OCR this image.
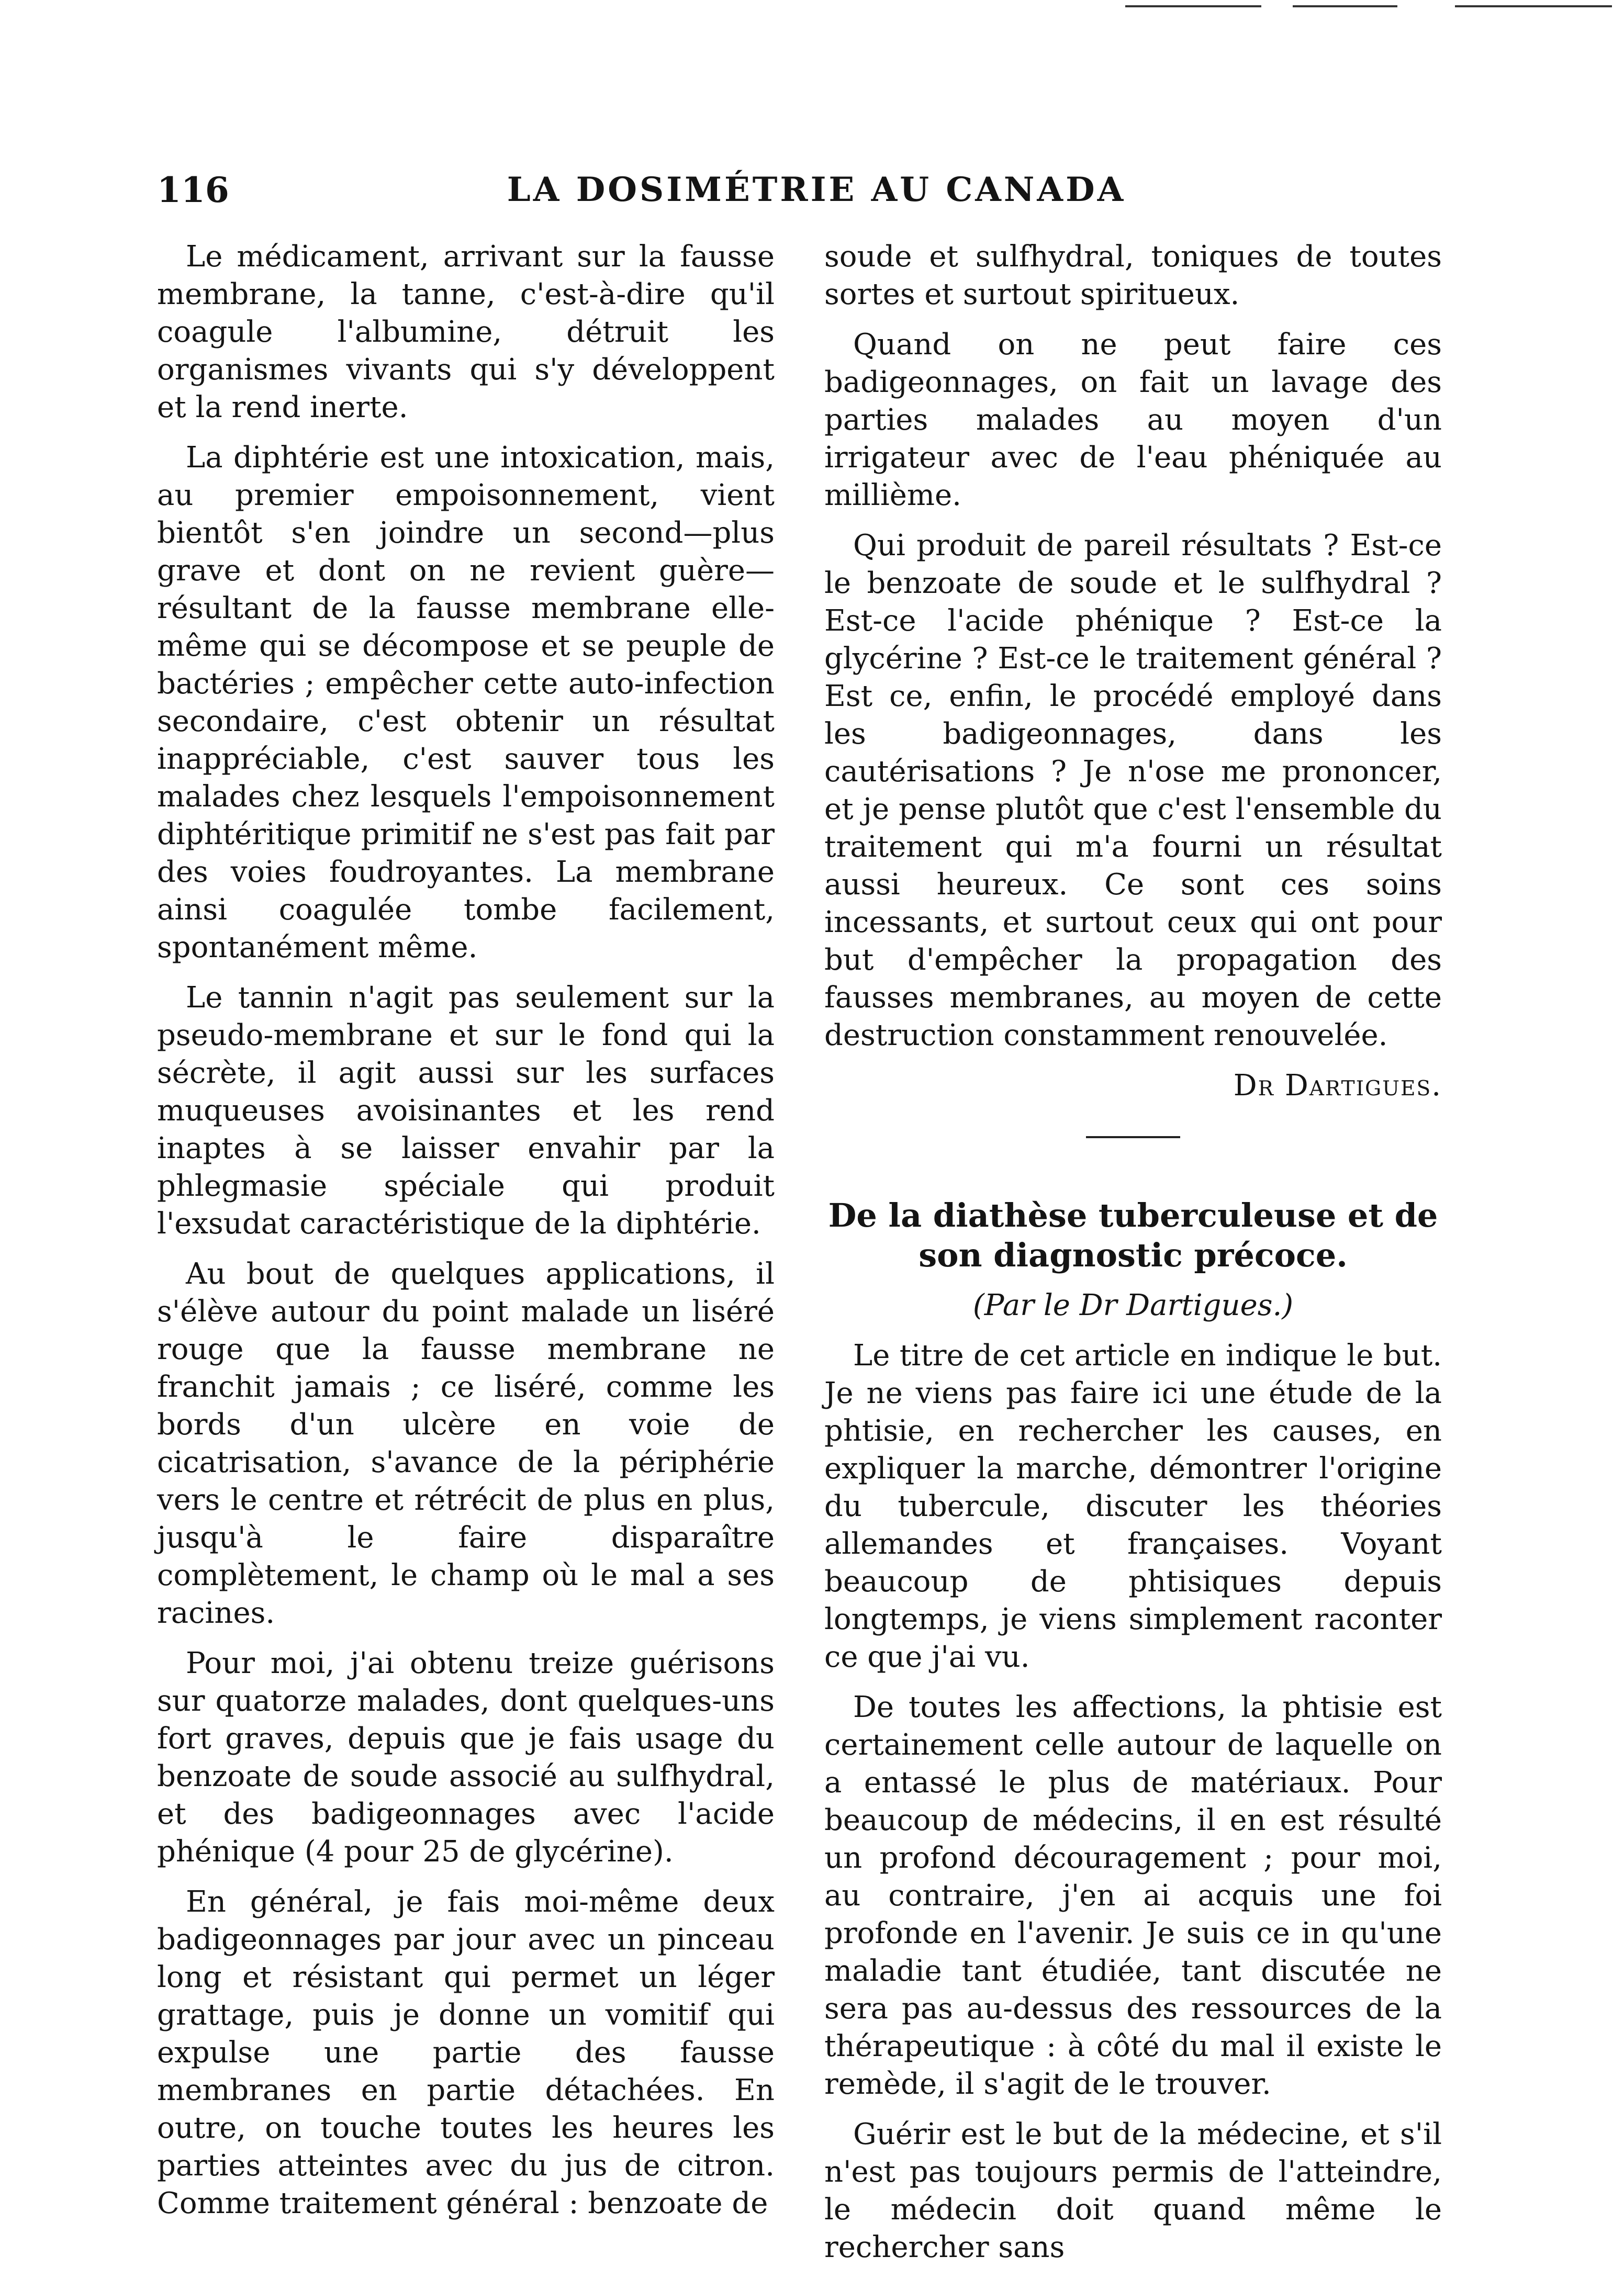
116	LA DOSIMÉTRIE AU CANADA

Le médicament, arrivant sur la fausse membrane, la tanne, c'est-à-dire qu'il coagule l'albumine, détruit les organismes vivants qui s'y développent et la rend inerte.

La diphtérie est une intoxication, mais, au premier empoisonnement, vient bientôt s'en joindre un second—plus grave et dont on ne revient guère—résultant de la fausse membrane elle-même qui se décompose et se peuple de bactéries ; empêcher cette auto-infection secondaire, c'est obtenir un résultat inappréciable, c'est sauver tous les malades chez lesquels l'empoisonnement diphtéritique primitif ne s'est pas fait par des voies foudroyantes. La membrane ainsi coagulée tombe facilement, spontanément même.

Le tannin n'agit pas seulement sur la pseudo-membrane et sur le fond qui la sécrète, il agit aussi sur les surfaces muqueuses avoisinantes et les rend inaptes à se laisser envahir par la phlegmasie spéciale qui produit l'exsudat caractéristique de la diphtérie.

Au bout de quelques applications, il s'élève autour du point malade un liséré rouge que la fausse membrane ne franchit jamais ; ce liséré, comme les bords d'un ulcère en voie de cicatrisation, s'avance de la périphérie vers le centre et rétrécit de plus en plus, jusqu'à le faire disparaître complètement, le champ où le mal a ses racines.

Pour moi, j'ai obtenu treize guérisons sur quatorze malades, dont quelques-uns fort graves, depuis que je fais usage du benzoate de soude associé au sulfhydral, et des badigeonnages avec l'acide phénique (4 pour 25 de glycérine).

En général, je fais moi-même deux badigeonnages par jour avec un pinceau long et résistant qui permet un léger grattage, puis je donne un vomitif qui expulse une partie des fausse membranes en partie détachées. En outre, on touche toutes les heures les parties atteintes avec du jus de citron. Comme traitement général : benzoate de

soude et sulfhydral, toniques de toutes sortes et surtout spiritueux.

Quand on ne peut faire ces badigeonnages, on fait un lavage des parties malades au moyen d'un irrigateur avec de l'eau phéniquée au millième.

Qui produit de pareil résultats ? Est-ce le benzoate de soude et le sulfhydral ? Est-ce l'acide phénique ? Est-ce la glycérine ? Est-ce le traitement général ? Est ce, enfin, le procédé employé dans les badigeonnages, dans les cautérisations ? Je n'ose me prononcer, et je pense plutôt que c'est l'ensemble du traitement qui m'a fourni un résultat aussi heureux. Ce sont ces soins incessants, et surtout ceux qui ont pour but d'empêcher la propagation des fausses membranes, au moyen de cette destruction constamment renouvelée.

Dr Dartigues.
De la diathèse tuberculeuse et de son diagnostic précoce.
(Par le Dr Dartigues.)

Le titre de cet article en indique le but. Je ne viens pas faire ici une étude de la phtisie, en rechercher les causes, en expliquer la marche, démontrer l'origine du tubercule, discuter les théories allemandes et françaises. Voyant beaucoup de phtisiques depuis longtemps, je viens simplement raconter ce que j'ai vu.

De toutes les affections, la phtisie est certainement celle autour de laquelle on a entassé le plus de matériaux. Pour beaucoup de médecins, il en est résulté un profond découragement ; pour moi, au contraire, j'en ai acquis une foi profonde en l'avenir. Je suis ce in qu'une maladie tant étudiée, tant discutée ne sera pas au-dessus des ressources de la thérapeutique : à côté du mal il existe le remède, il s'agit de le trouver.

Guérir est le but de la médecine, et s'il n'est pas toujours permis de l'atteindre, le médecin doit quand même le rechercher sans
